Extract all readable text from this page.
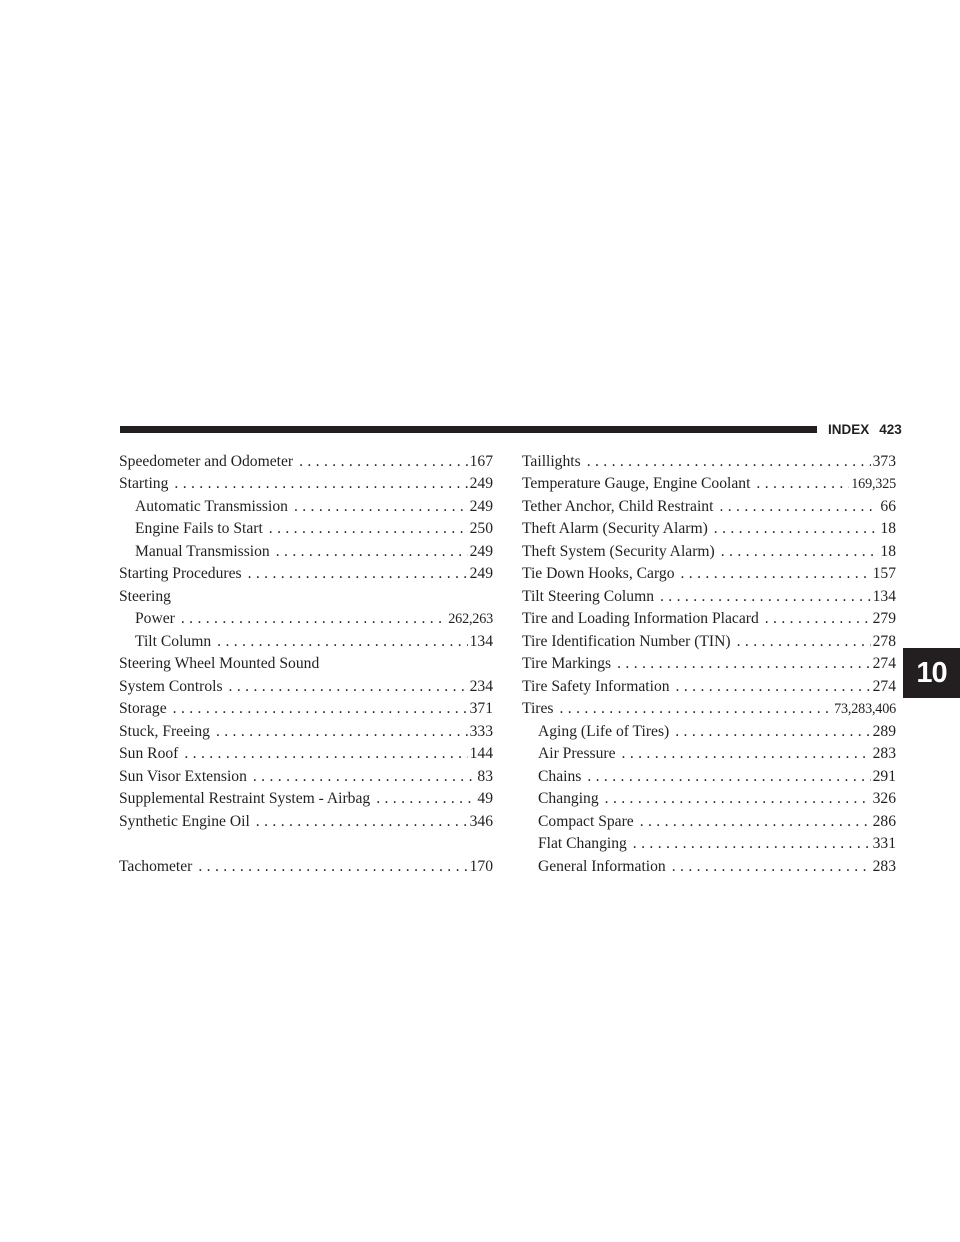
INDEX 423
Speedometer and Odometer . . .	167
Starting . . .	249
Automatic Transmission . . .	249
Engine Fails to Start . . .	250
Manual Transmission . . .	249
Starting Procedures . . .	249
Steering
Power . . .	262,263
Tilt Column . . .	134
Steering Wheel Mounted Sound
System Controls . . .	234
Storage . . .	371
Stuck, Freeing . . .	333
Sun Roof . . .	144
Sun Visor Extension . . .	83
Supplemental Restraint System - Airbag . . .	49
Synthetic Engine Oil . . .	346
Tachometer . . .	170
Taillights . . .	373
Temperature Gauge, Engine Coolant . . .	169,325
Tether Anchor, Child Restraint . . .	66
Theft Alarm (Security Alarm) . . .	18
Theft System (Security Alarm) . . .	18
Tie Down Hooks, Cargo . . .	157
Tilt Steering Column . . .	134
Tire and Loading Information Placard . . .	279
Tire Identification Number (TIN) . . .	278
Tire Markings . . .	274
Tire Safety Information . . .	274
Tires . . .	73,283,406
Aging (Life of Tires) . . .	289
Air Pressure . . .	283
Chains . . .	291
Changing . . .	326
Compact Spare . . .	286
Flat Changing . . .	331
General Information . . .	283
10
